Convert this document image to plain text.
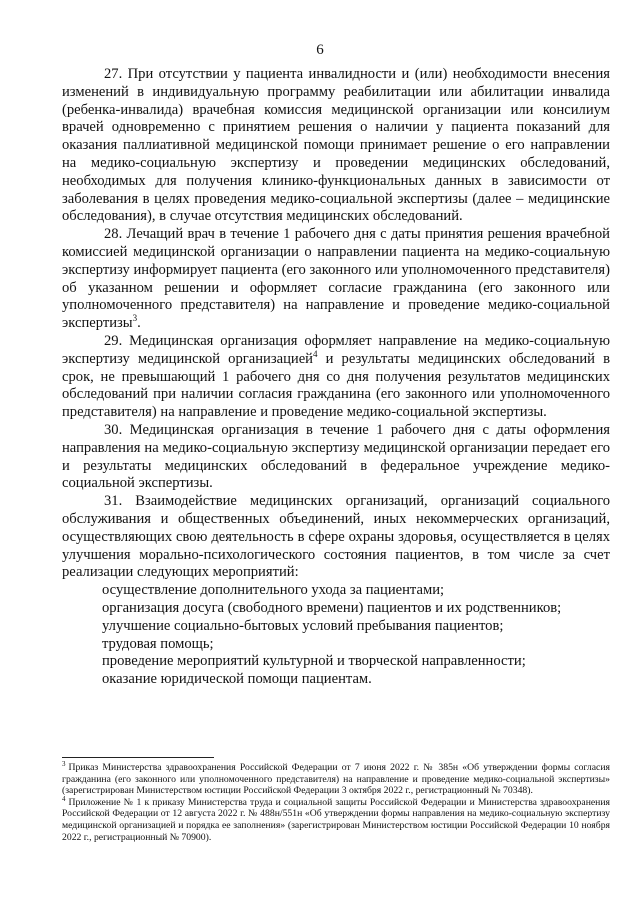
6

27. При отсутствии у пациента инвалидности и (или) необходимости внесения изменений в индивидуальную программу реабилитации или абилитации инвалида (ребенка-инвалида) врачебная комиссия медицинской организации или консилиум врачей одновременно с принятием решения о наличии у пациента показаний для оказания паллиативной медицинской помощи принимает решение о его направлении на медико-социальную экспертизу и проведении медицинских обследований, необходимых для получения клинико-функциональных данных в зависимости от заболевания в целях проведения медико-социальной экспертизы (далее – медицинские обследования), в случае отсутствия медицинских обследований.

28. Лечащий врач в течение 1 рабочего дня с даты принятия решения врачебной комиссией медицинской организации о направлении пациента на медико-социальную экспертизу информирует пациента (его законного или уполномоченного представителя) об указанном решении и оформляет согласие гражданина (его законного или уполномоченного представителя) на направление и проведение медико-социальной экспертизы$^3$.

29. Медицинская организация оформляет направление на медико-социальную экспертизу медицинской организацией$^4$ и результаты медицинских обследований в срок, не превышающий 1 рабочего дня со дня получения результатов медицинских обследований при наличии согласия гражданина (его законного или уполномоченного представителя) на направление и проведение медико-социальной экспертизы.

30. Медицинская организация в течение 1 рабочего дня с даты оформления направления на медико-социальную экспертизу медицинской организации передает его и результаты медицинских обследований в федеральное учреждение медико-социальной экспертизы.

31. Взаимодействие медицинских организаций, организаций социального обслуживания и общественных объединений, иных некоммерческих организаций, осуществляющих свою деятельность в сфере охраны здоровья, осуществляется в целях улучшения морально-психологического состояния пациентов, в том числе за счет реализации следующих мероприятий:

осуществление дополнительного ухода за пациентами;

организация досуга (свободного времени) пациентов и их родственников;

улучшение социально-бытовых условий пребывания пациентов;

трудовая помощь;

проведение мероприятий культурной и творческой направленности;

оказание юридической помощи пациентам.

$^3$ Приказ Министерства здравоохранения Российской Федерации от 7 июня 2022 г. № 385н «Об утверждении формы согласия гражданина (его законного или уполномоченного представителя) на направление и проведение медико-социальной экспертизы» (зарегистрирован Министерством юстиции Российской Федерации 3 октября 2022 г., регистрационный № 70348).

$^4$ Приложение № 1 к приказу Министерства труда и социальной защиты Российской Федерации и Министерства здравоохранения Российской Федерации от 12 августа 2022 г. № 488н/551н «Об утверждении формы направления на медико-социальную экспертизу медицинской организацией и порядка ее заполнения» (зарегистрирован Министерством юстиции Российской Федерации 10 ноября 2022 г., регистрационный № 70900).
